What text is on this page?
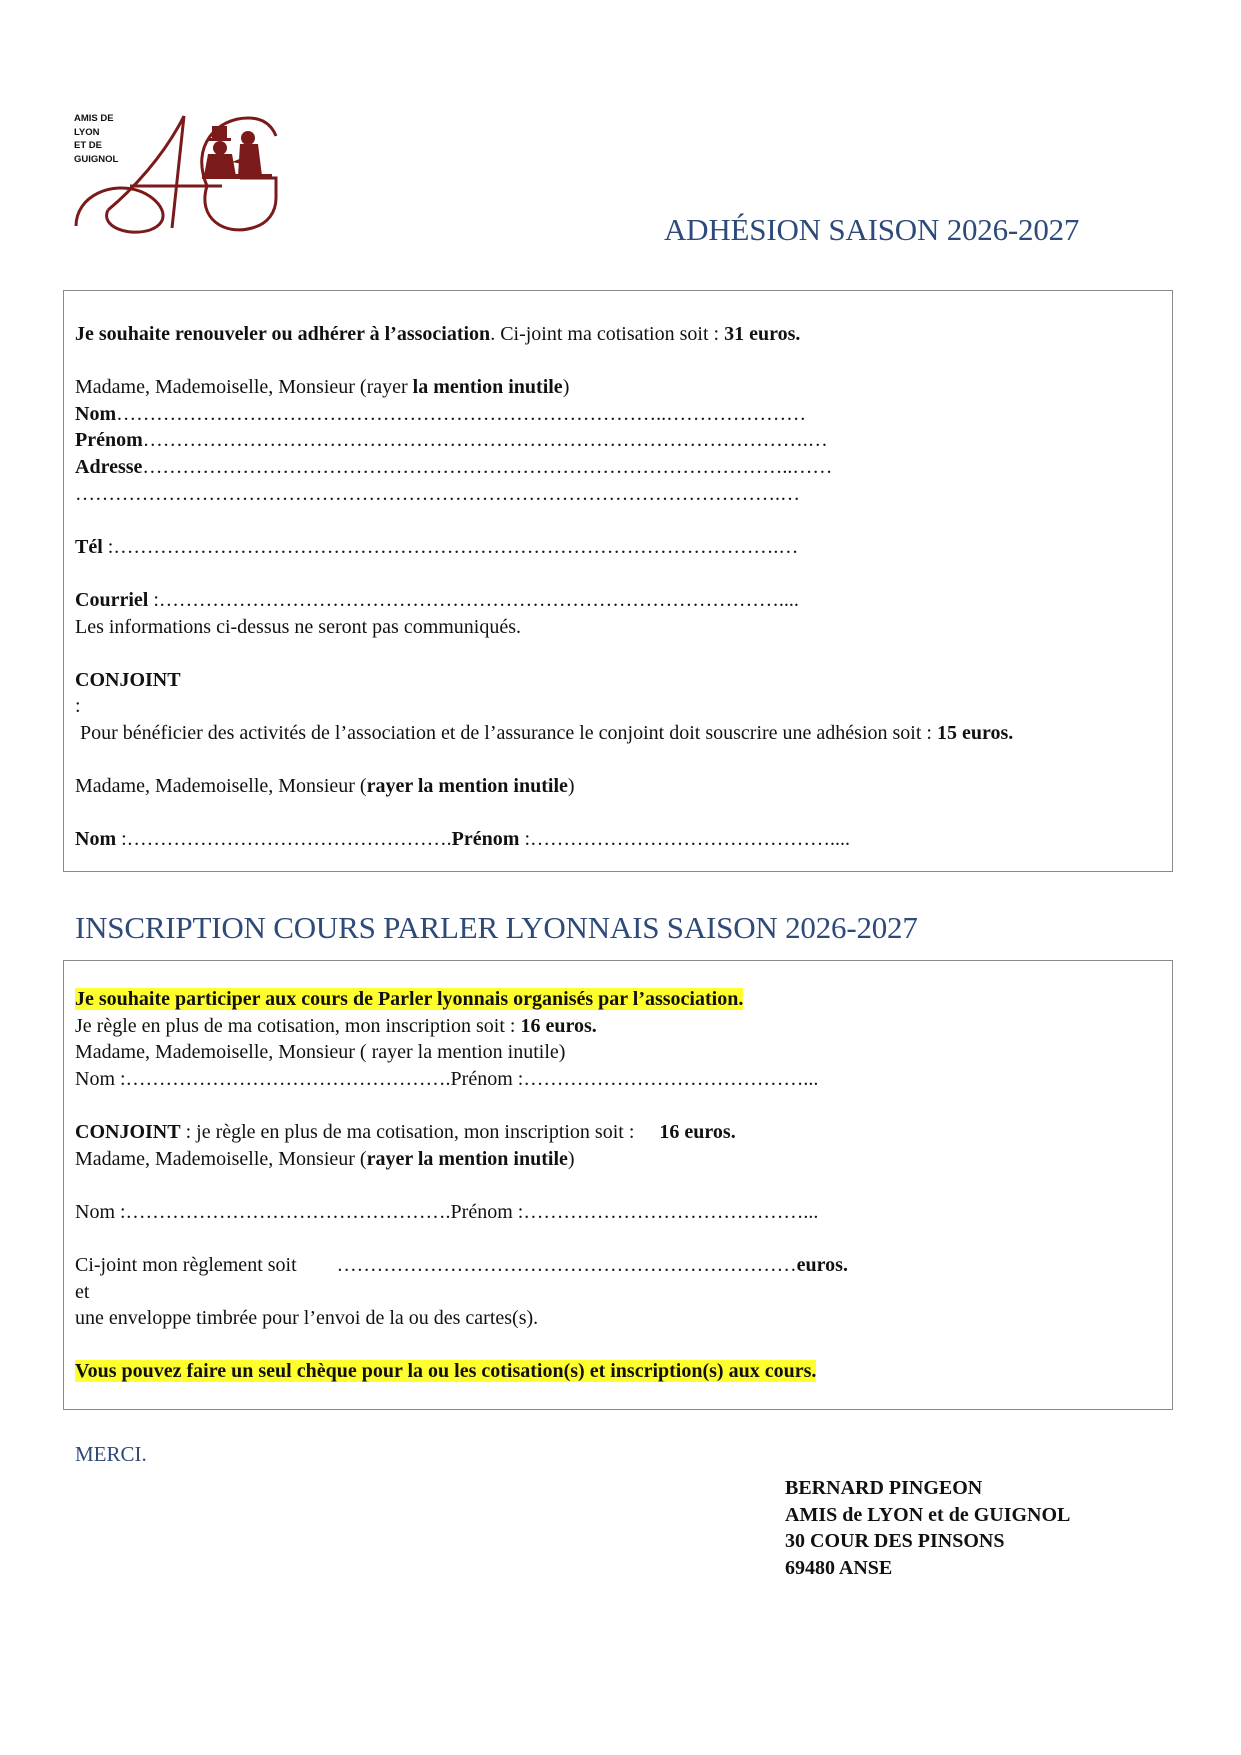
AMIS DE
LYON
ET DE
GUIGNOL
ADHÉSION SAISON 2026-2027
Je souhaite renouveler ou adhérer à l’association. Ci-joint ma cotisation soit : 31 euros.
Madame, Mademoiselle, Monsieur (rayer la mention inutile)
Nom………………………………………………………………………..…………………
Prénom……………………………………………………………………………………….…
Adresse……………………………………………………………………………………..……
…………………………………………………………………………………………….…
Tél :……………………………………………………………………………………….…
Courriel :…………………………………………………………………………………....
Les informations ci-dessus ne seront pas communiqués.
CONJOINT
:
Pour bénéficier des activités de l’association et de l’assurance le conjoint doit souscrire une adhésion soit : 15 euros.
Madame, Mademoiselle, Monsieur (rayer la mention inutile)
Nom :………………………………………….Prénom :………………………………………....
INSCRIPTION COURS PARLER LYONNAIS SAISON 2026-2027
Je souhaite participer aux cours de Parler lyonnais organisés par l’association.
Je règle en plus de ma cotisation, mon inscription soit : 16 euros.
Madame, Mademoiselle, Monsieur ( rayer la mention inutile)
Nom :………………………………………….Prénom :……………………………………...
CONJOINT : je règle en plus de ma cotisation, mon inscription soit :     16 euros.
Madame, Mademoiselle, Monsieur (rayer la mention inutile)
Nom :………………………………………….Prénom :……………………………………...
Ci-joint mon règlement soit        ……………………………………………………………euros.
et
une enveloppe timbrée pour l’envoi de la ou des cartes(s).
Vous pouvez faire un seul chèque pour la ou les cotisation(s) et inscription(s) aux cours.
MERCI.
BERNARD PINGEON
AMIS de LYON et de GUIGNOL
30 COUR DES PINSONS
69480 ANSE
